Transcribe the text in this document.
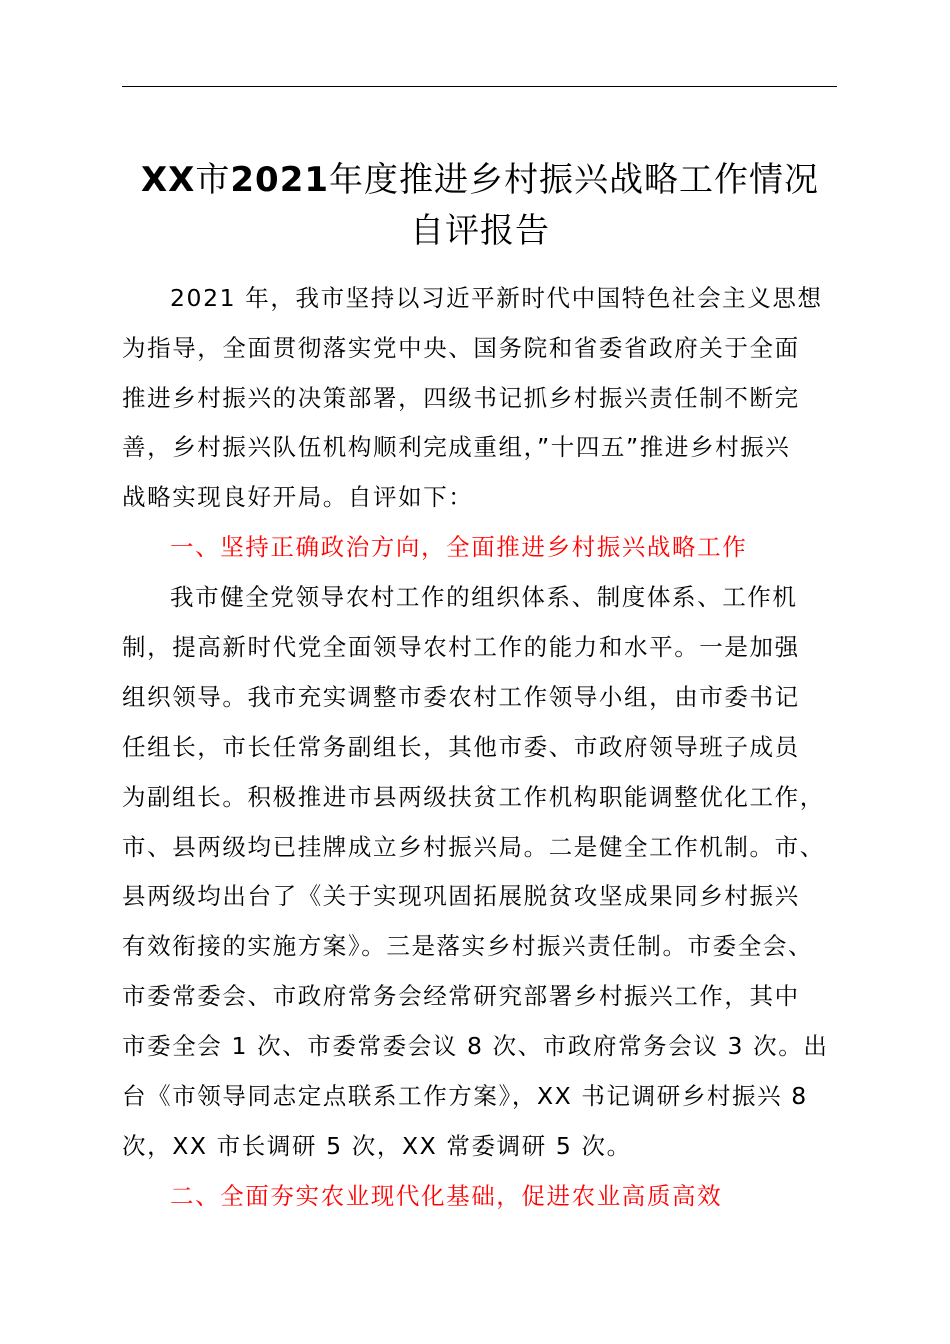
XX市2021年度推进乡村振兴战略工作情况
自评报告
2021 年，我市坚持以习近平新时代中国特色社会主义思想
为指导，全面贯彻落实党中央、国务院和省委省政府关于全面
推进乡村振兴的决策部署，四级书记抓乡村振兴责任制不断完
善，乡村振兴队伍机构顺利完成重组，”十四五”推进乡村振兴
战略实现良好开局。自评如下：
一、坚持正确政治方向，全面推进乡村振兴战略工作
我市健全党领导农村工作的组织体系、制度体系、工作机
制，提高新时代党全面领导农村工作的能力和水平。一是加强
组织领导。我市充实调整市委农村工作领导小组，由市委书记
任组长，市长任常务副组长，其他市委、市政府领导班子成员
为副组长。积极推进市县两级扶贫工作机构职能调整优化工作，
市、县两级均已挂牌成立乡村振兴局。二是健全工作机制。市、
县两级均出台了《关于实现巩固拓展脱贫攻坚成果同乡村振兴
有效衔接的实施方案》。三是落实乡村振兴责任制。市委全会、
市委常委会、市政府常务会经常研究部署乡村振兴工作，其中
市委全会 1 次、市委常委会议 8 次、市政府常务会议 3 次。出
台《市领导同志定点联系工作方案》，XX 书记调研乡村振兴 8
次，XX 市长调研 5 次，XX 常委调研 5 次。
二、全面夯实农业现代化基础，促进农业高质高效
